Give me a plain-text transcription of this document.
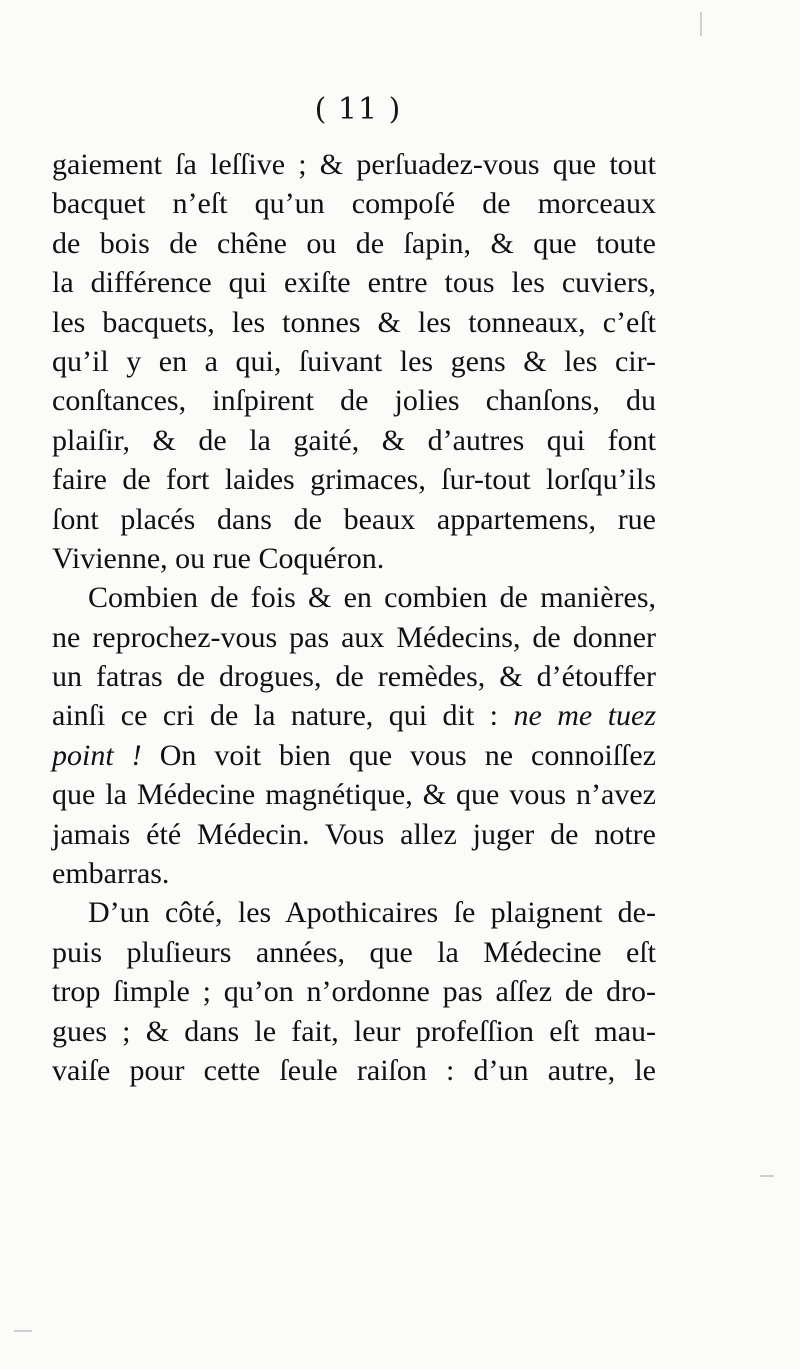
( 11 )
gaiement ſa leſſive ; & perſuadez-vous que tout
bacquet n’eſt qu’un compoſé de morceaux
de bois de chêne ou de ſapin, & que toute
la différence qui exiſte entre tous les cuviers,
les bacquets, les tonnes & les tonneaux, c’eſt
qu’il y en a qui, ſuivant les gens & les cir-
conſtances, inſpirent de jolies chanſons, du
plaiſir, & de la gaité, & d’autres qui font
faire de fort laides grimaces, ſur-tout lorſqu’ils
ſont placés dans de beaux appartemens, rue
Vivienne, ou rue Coquéron.
Combien de fois & en combien de manières,
ne reprochez-vous pas aux Médecins, de donner
un fatras de drogues, de remèdes, & d’étouffer
ainſi ce cri de la nature, qui dit : ne me tuez
point ! On voit bien que vous ne connoiſſez
que la Médecine magnétique, & que vous n’avez
jamais été Médecin. Vous allez juger de notre
embarras.
D’un côté, les Apothicaires ſe plaignent de-
puis pluſieurs années, que la Médecine eſt
trop ſimple ; qu’on n’ordonne pas aſſez de dro-
gues ; & dans le fait, leur profeſſion eſt mau-
vaiſe pour cette ſeule raiſon : d’un autre, le
